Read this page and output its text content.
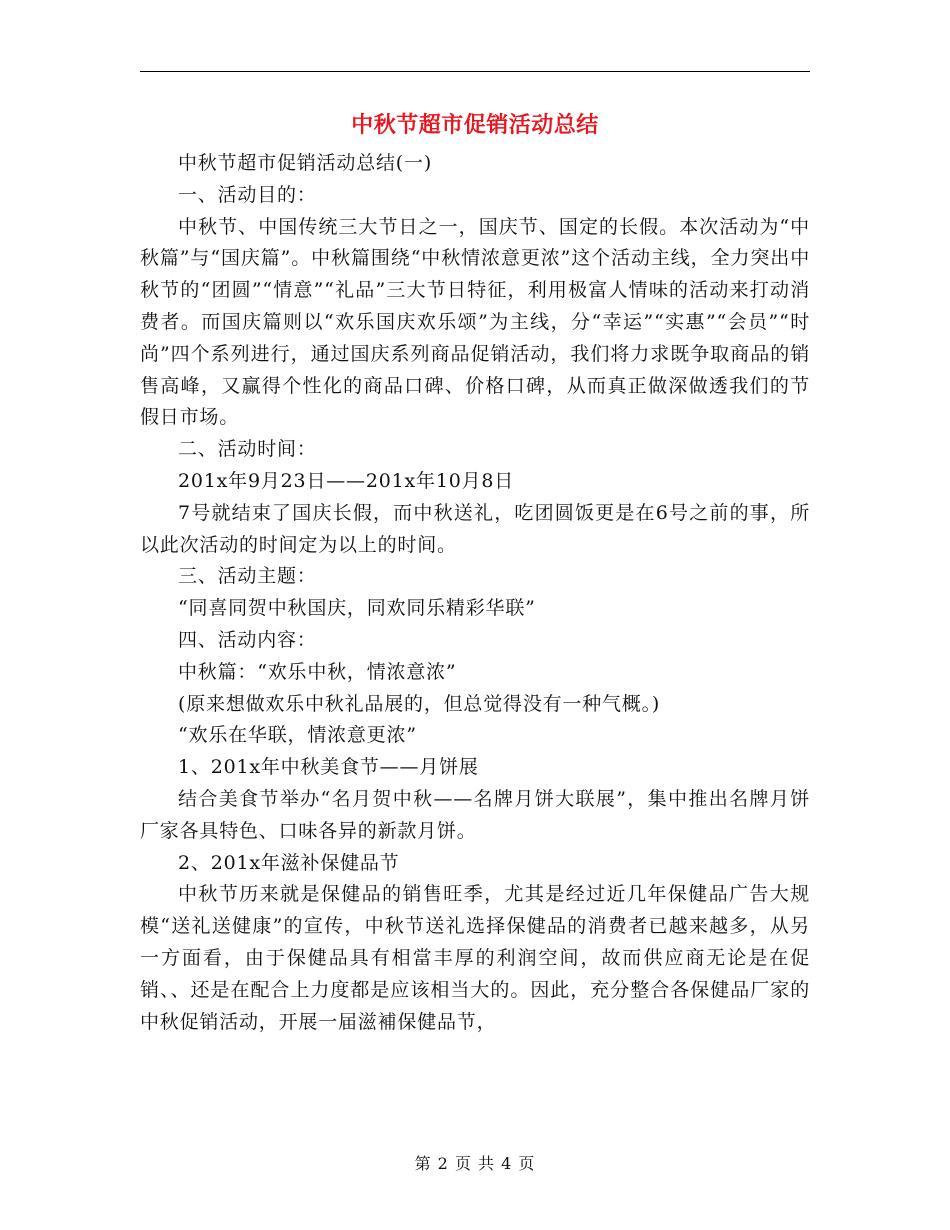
中秋节超市促销活动总结

中秋节超市促销活动总结(一)

一、活动目的：

中秋节、中国传统三大节日之一，国庆节、国定的长假。本次活动为“中秋篇”与“国庆篇”。中秋篇围绕“中秋情浓意更浓”这个活动主线，全力突出中秋节的“团圆”“情意”“礼品”三大节日特征，利用极富人情味的活动来打动消费者。而国庆篇则以“欢乐国庆欢乐颂”为主线，分“幸运”“实惠”“会员”“时尚”四个系列进行，通过国庆系列商品促销活动，我们将力求既争取商品的销售高峰，又赢得个性化的商品口碑、价格口碑，从而真正做深做透我们的节假日市场。

二、活动时间：

201x年9月23日——201x年10月8日

7号就结束了国庆长假，而中秋送礼，吃团圆饭更是在6号之前的事，所以此次活动的时间定为以上的时间。

三、活动主题：

“同喜同贺中秋国庆，同欢同乐精彩华联”

四、活动内容：

中秋篇：“欢乐中秋，情浓意浓”

(原来想做欢乐中秋礼品展的，但总觉得没有一种气概。)

“欢乐在华联，情浓意更浓”

1、201x年中秋美食节——月饼展

结合美食节举办“名月贺中秋——名牌月饼大联展”，集中推出名牌月饼厂家各具特色、口味各异的新款月饼。

2、201x年滋补保健品节

中秋节历来就是保健品的销售旺季，尤其是经过近几年保健品广告大规模“送礼送健康”的宣传，中秋节送礼选择保健品的消费者已越来越多，从另一方面看，由于保健品具有相當丰厚的利润空间，故而供应商无论是在促销、、还是在配合上力度都是应该相当大的。因此，充分整合各保健品厂家的中秋促销活动，开展一届滋補保健品节，

第 2 页 共 4 页
